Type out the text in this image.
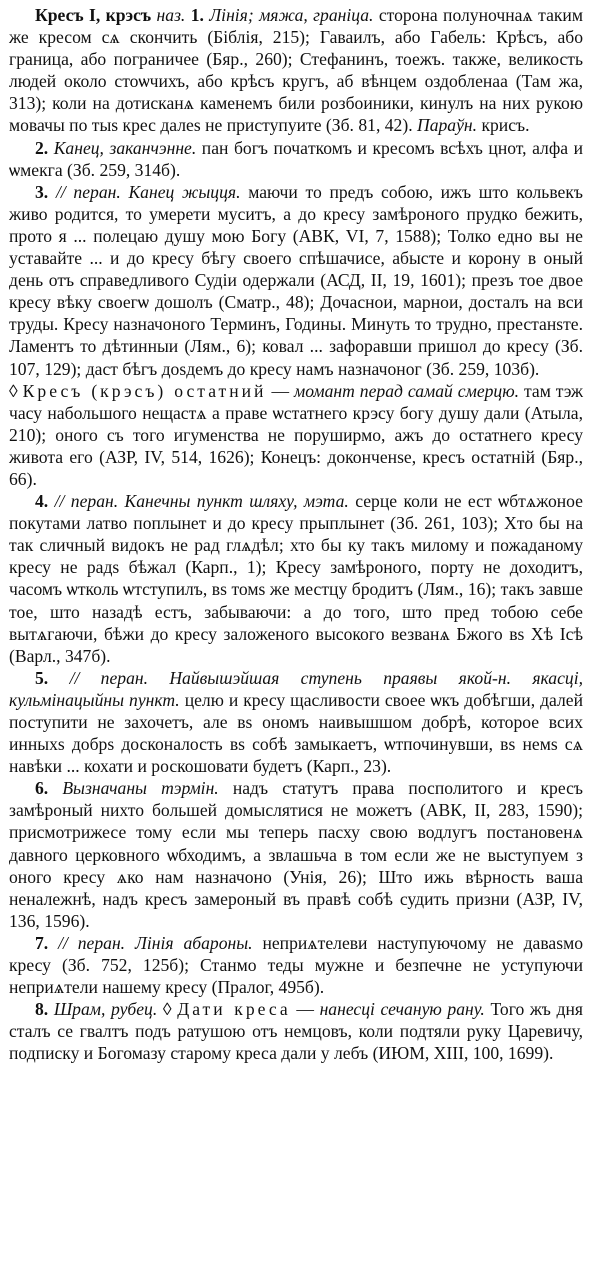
Кресъ I, крэсъ наз. 1. Лінія; мяжа, граніца. сторона полуночнаѧ таким же кресом сѧ скончить (Біблія, 215); Гаваилъ, або Габель: Крѣсъ, або граница, або пограничее (Бяр., 260); Стефанинъ, тоежъ. также, великость людей около стоѡчихъ, або крѣсъ кругъ, аб вѣнцем оздобленаа (Там жа, 313); коли на дотисканѧ каменемъ били розбоиники, кинулъ на них рукою мовачы по тыs крес далеs не приступуите (Зб. 81, 42). Параўн. крисъ.

2. Канец, заканчэнне. пан богъ почaткомъ и кресомъ всѣхъ цнот, алфа и ѡмекга (Зб. 259, 314б).

3. // перан. Канец жыцця. маючи то предъ собою, ижъ што кольвекъ живо родится, то умерети муситъ, а до кресу замѣроного прудко бежить, прото я ... полецаю душу мою Богу (АВК, VI, 7, 1588); Толко едно вы не уставайте ... и до кресу бѣгу своего спѣшачисе, абысте и корону в оный день отъ справедливого Судіи одержали (АСД, II, 19, 1601); презъ тое двое кресу вѣку своегѡ дошолъ (Сматр., 48); Дочаснои, марнои, досталъ на вси труды. Кресу назначоного Терминъ, Годины. Минуть то трудно, престанsте. Ламентъ то дѣтинныи (Лям., 6); ковал ... зафоравши пришол до кресу (Зб. 107, 129); даст бѣгъ доsдемъ до кресу намъ назначоног (Зб. 259, 103б).

◊ Кресъ (крэсъ) остатний — момант перад самай смерцю. там тэж часу набольшого нещастѧ а праве ѡстатнего крэсу богу душу дали (Атыла, 210); оного съ того игуменства не поруширмо, ажъ до остатнего кресу живота его (АЗР, IV, 514, 1626); Конецъ: доконченsе, кресъ остатній (Бяр., 66).

4. // перан. Канечны пункт шляху, мэта. серце коли не ест ѡбтѧжоное покутами латво поплынет и до кресу прыплынет (Зб. 261, 103); Хто бы на так сличный видокъ не рад глѧдѣл; хто бы ку такъ милому и пожаданому кресу не радs бѣжал (Карп., 1); Кресу замѣроного, порту не доходитъ, часомъ ѡтколь ѡтступилъ, вs томs же местцу бродитъ (Лям., 16); такъ завше тое, што назадѣ естъ, забываючи: а до того, што пред тобою себе вытѧгаючи, бѣжи до кресу заложеного высокого везванѧ Бжого вs Хѣ Ісѣ (Варл., 347б).

5. // перан. Найвышэйшая ступень праявы якой-н. якасці, кульмінацыйны пункт. целю и кресу щасливости своее ѡкъ добѣгши, далей поступити не захочетъ, але вs ономъ наивышшом добрѣ, которое всих инныхs добрs досконалость вs собѣ замыкаетъ, ѡтпочинувши, вs немs сѧ навѣки ... кохати и роскошовати будетъ (Карп., 23).

6. Вызначаны тэрмін. надъ статутъ права посполитого и кресъ замѣроный нихто большей домыслятися не можетъ (АВК, II, 283, 1590); присмотрижесе тому если мы теперь пасху свою водлугъ постановенѧ давного церковного ѡбходимъ, а звлашьча в том если же не выступуем з оного кресу ѧко нам назначоно (Унія, 26); Што ижь вѣрность ваша неналежнѣ, надъ кресъ замероный въ правѣ собѣ судить призни (АЗР, IV, 136, 1596).

7. // перан. Лінія абароны. неприѧтелеви наступуючому не даваsмо кресу (Зб. 752, 125б); Станмо теды мужне и безпечне не уступуючи неприѧтели нашему кресу (Пралог, 495б).

8. Шрам, рубец. ◊ Дати креса — нанесці сечаную рану. Того жъ дня сталъ се гвалтъ подъ ратушою отъ немцовъ, коли подтяли руку Царевичу, подписку и Богомазу старому креса дали у лебъ (ИЮМ, XIII, 100, 1699).
